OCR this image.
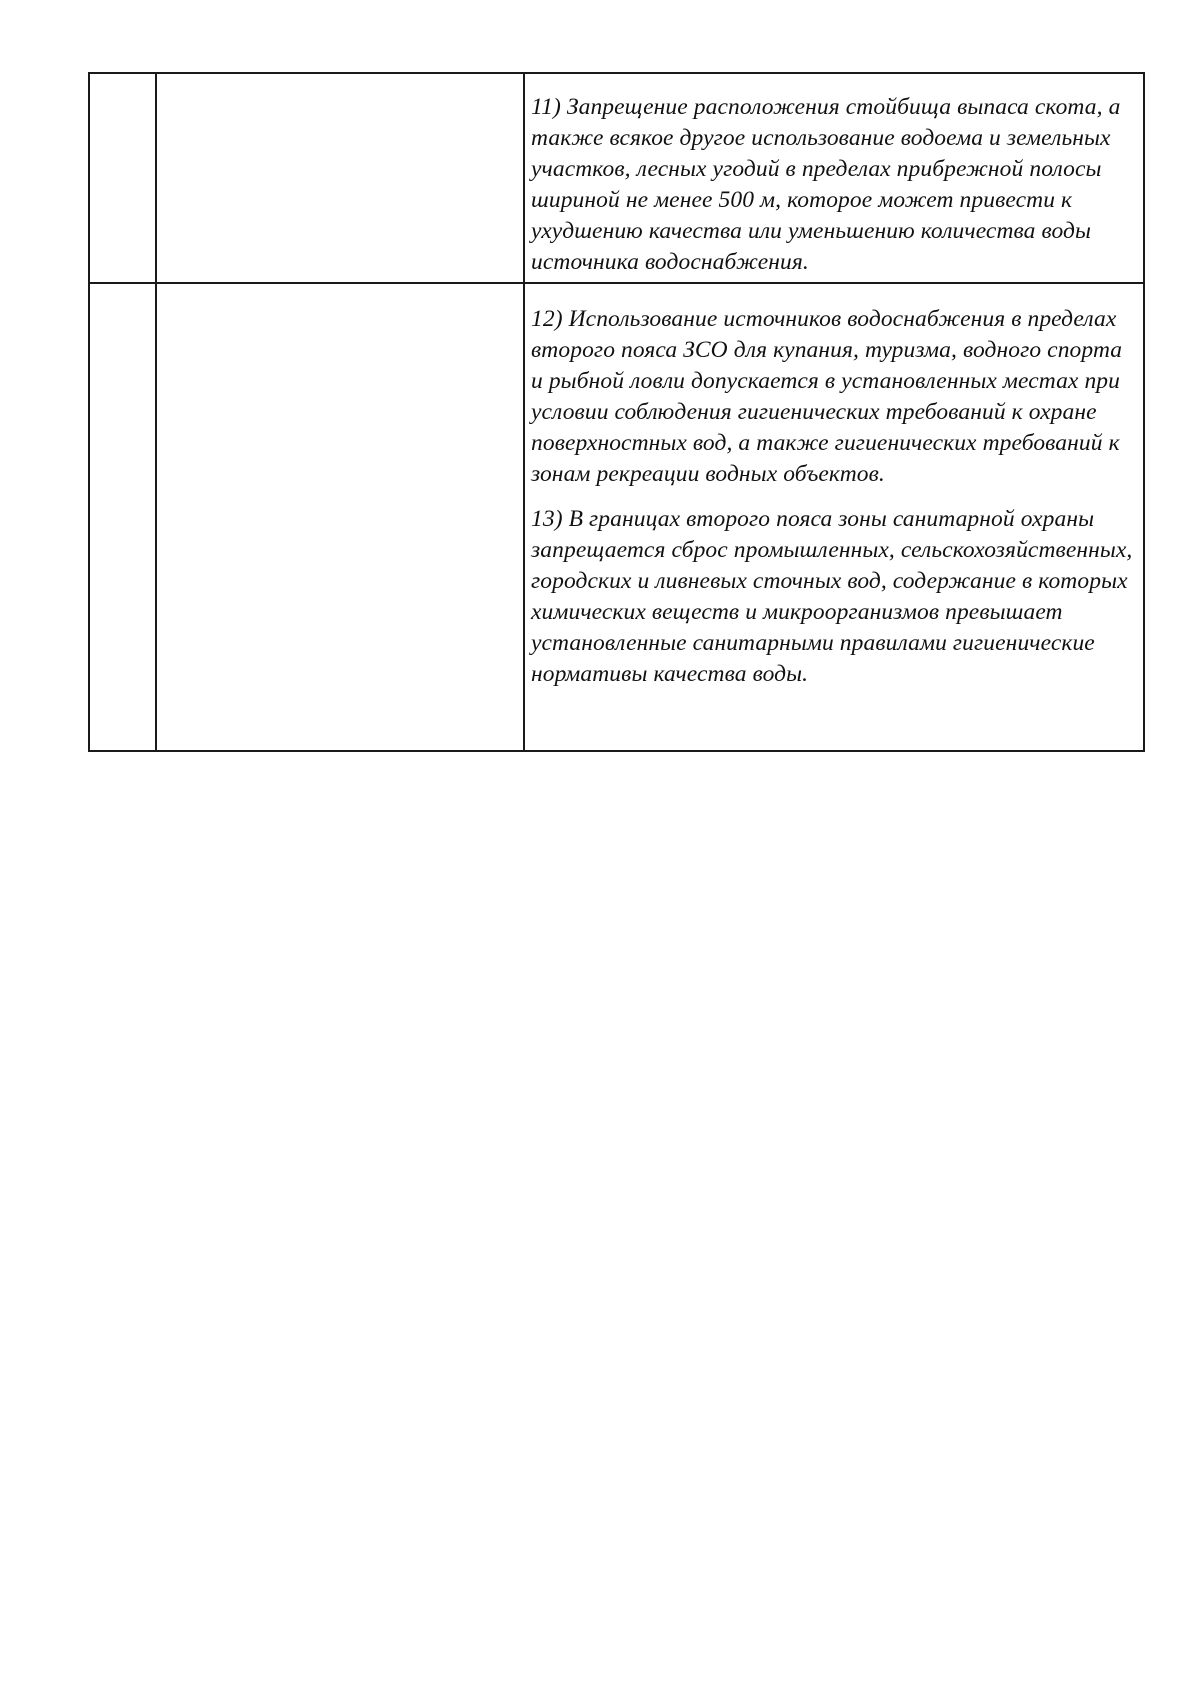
		11) Запрещение расположения стойбища выпаса скота, а также всякое другое использование водоема и земельных участков, лесных угодий в пределах прибрежной полосы шириной не менее 500 м, которое может привести к ухудшению качества или уменьшению количества воды источника водоснабжения.

		12) Использование источников водоснабжения в пределах второго пояса ЗСО для купания, туризма, водного спорта и рыбной ловли допускается в установленных местах при условии соблюдения гигиенических требований к охране поверхностных вод, а также гигиенических требований к зонам рекреации водных объектов.

13) В границах второго пояса зоны санитарной охраны запрещается сброс промышленных, сельскохозяйственных, городских и ливневых сточных вод, содержание в которых химических веществ и микроорганизмов превышает установленные санитарными правилами гигиенические нормативы качества воды.
